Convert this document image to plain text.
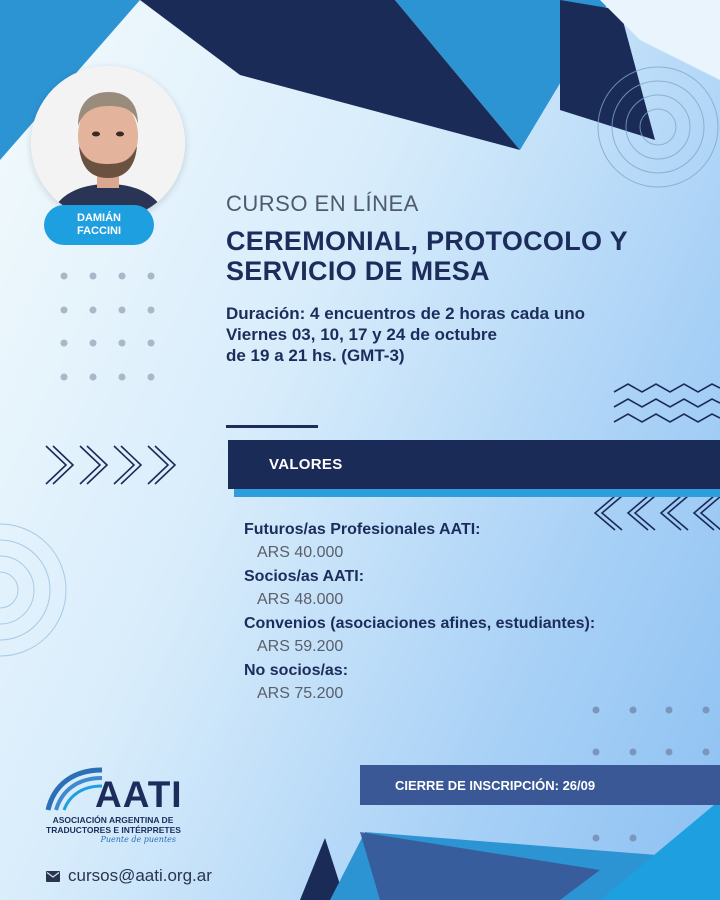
DAMIÁN
FACCINI
CURSO EN LÍNEA
CEREMONIAL, PROTOCOLO Y
SERVICIO DE MESA
Duración: 4 encuentros de 2 horas cada uno
Viernes 03, 10, 17 y 24 de octubre
de 19 a 21 hs. (GMT-3)
VALORES
Futuros/as Profesionales AATI:
ARS 40.000
Socios/as AATI:
ARS 48.000
Convenios (asociaciones afines, estudiantes):
ARS 59.200
No socios/as:
ARS 75.200
CIERRE DE INSCRIPCIÓN: 26/09
AATI
ASOCIACIÓN ARGENTINA DE
TRADUCTORES E INTÉRPRETES
Puente de puentes
cursos@aati.org.ar
